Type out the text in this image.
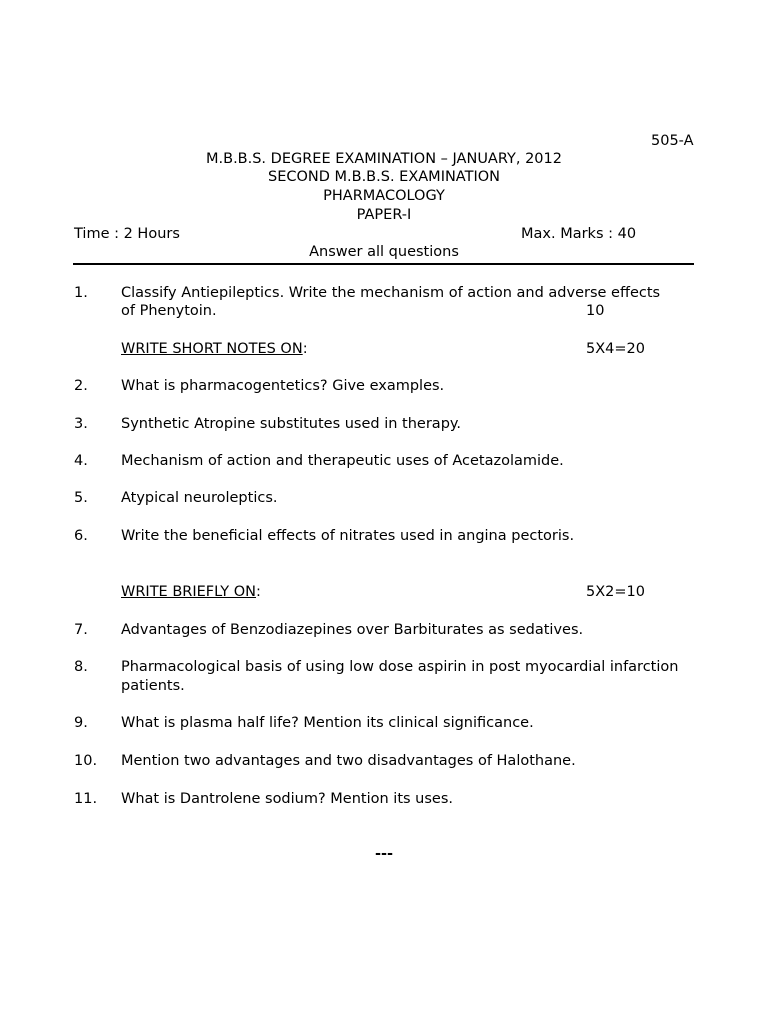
505-A
M.B.B.S. DEGREE EXAMINATION – JANUARY, 2012
SECOND M.B.B.S. EXAMINATION
PHARMACOLOGY
PAPER-I
Time : 2 Hours	Max. Marks : 40
Answer all questions
1. Classify Antiepileptics. Write the mechanism of action and adverse effects
of Phenytoin.	10
WRITE SHORT NOTES ON:	5X4=20
2. What is pharmacogentetics? Give examples.
3. Synthetic Atropine substitutes used in therapy.
4. Mechanism of action and therapeutic uses of Acetazolamide.
5. Atypical neuroleptics.
6. Write the beneficial effects of nitrates used in angina pectoris.
WRITE BRIEFLY ON:	5X2=10
7. Advantages of Benzodiazepines over Barbiturates as sedatives.
8. Pharmacological basis of using low dose aspirin in post myocardial infarction
patients.
9. What is plasma half life? Mention its clinical significance.
10. Mention two advantages and two disadvantages of Halothane.
11. What is Dantrolene sodium? Mention its uses.
---
